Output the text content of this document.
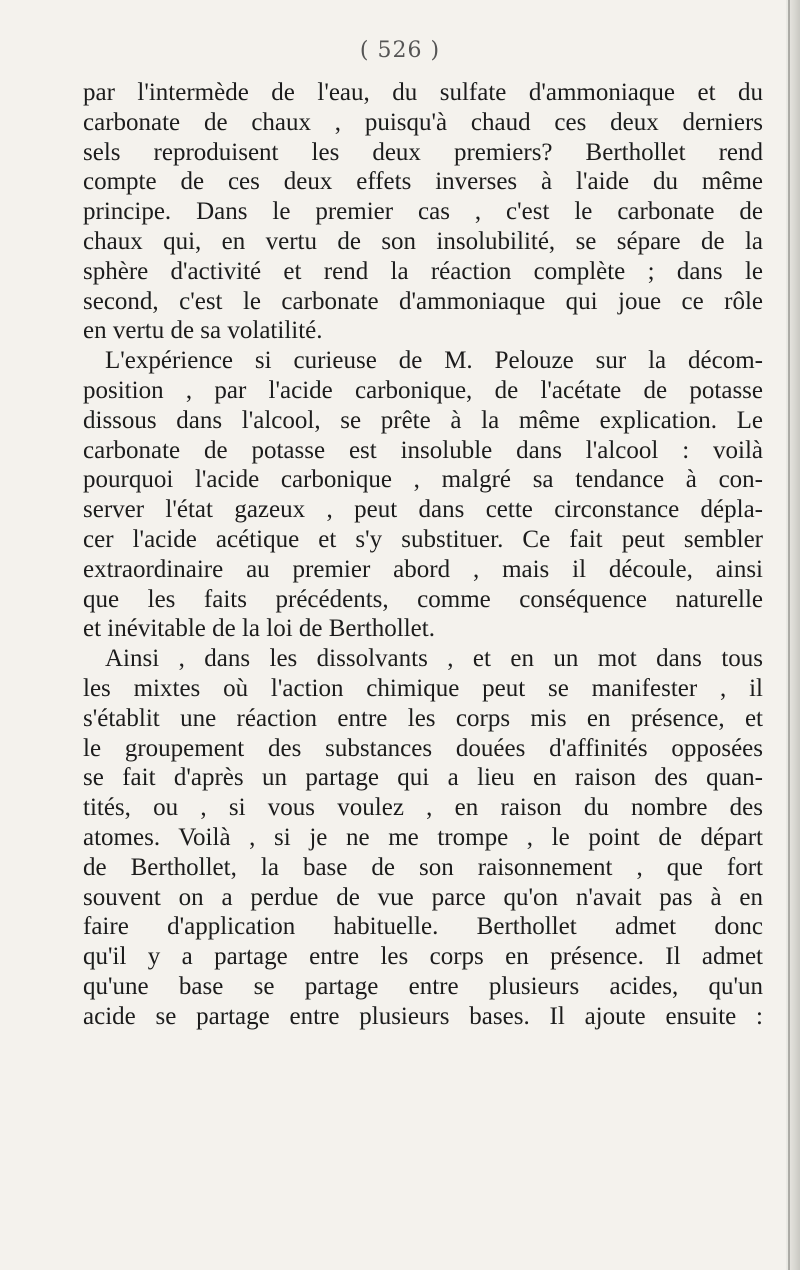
( 526 )

par l'intermède de l'eau, du sulfate d'ammoniaque et du
carbonate de chaux , puisqu'à chaud ces deux derniers
sels reproduisent les deux premiers? Berthollet rend
compte de ces deux effets inverses à l'aide du même
principe. Dans le premier cas , c'est le carbonate de
chaux qui, en vertu de son insolubilité, se sépare de la
sphère d'activité et rend la réaction complète ; dans le
second, c'est le carbonate d'ammoniaque qui joue ce rôle
en vertu de sa volatilité.
L'expérience si curieuse de M. Pelouze sur la décom-
position , par l'acide carbonique, de l'acétate de potasse
dissous dans l'alcool, se prête à la même explication. Le
carbonate de potasse est insoluble dans l'alcool : voilà
pourquoi l'acide carbonique , malgré sa tendance à con-
server l'état gazeux , peut dans cette circonstance dépla-
cer l'acide acétique et s'y substituer. Ce fait peut sembler
extraordinaire au premier abord , mais il découle, ainsi
que les faits précédents, comme conséquence naturelle
et inévitable de la loi de Berthollet.
Ainsi , dans les dissolvants , et en un mot dans tous
les mixtes où l'action chimique peut se manifester , il
s'établit une réaction entre les corps mis en présence, et
le groupement des substances douées d'affinités opposées
se fait d'après un partage qui a lieu en raison des quan-
tités, ou , si vous voulez , en raison du nombre des
atomes. Voilà , si je ne me trompe , le point de départ
de Berthollet, la base de son raisonnement , que fort
souvent on a perdue de vue parce qu'on n'avait pas à en
faire d'application habituelle. Berthollet admet donc
qu'il y a partage entre les corps en présence. Il admet
qu'une base se partage entre plusieurs acides, qu'un
acide se partage entre plusieurs bases. Il ajoute ensuite :
